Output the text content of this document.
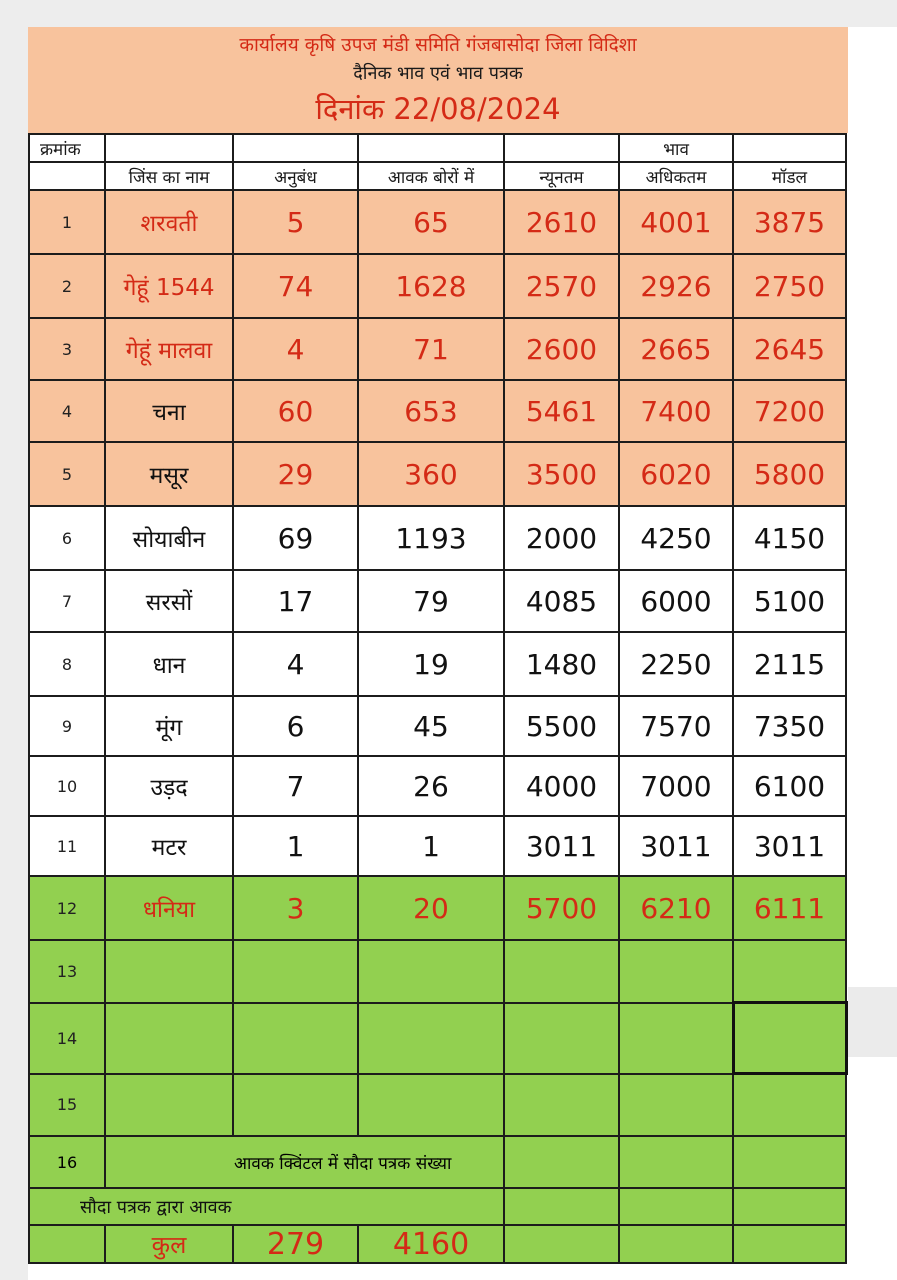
कार्यालय कृषि उपज मंडी समिति गंजबासोदा जिला विदिशा
दैनिक भाव एवं भाव पत्रक
दिनांक 22/08/2024
क्रमांक					भाव	
	जिंस का नाम	अनुबंध	आवक बोरों में	न्यूनतम	अधिकतम	मॉडल
1	शरवती	5	65	2610	4001	3875
2	गेहूं 1544	74	1628	2570	2926	2750
3	गेहूं मालवा	4	71	2600	2665	2645
4	चना	60	653	5461	7400	7200
5	मसूर	29	360	3500	6020	5800
6	सोयाबीन	69	1193	2000	4250	4150
7	सरसों	17	79	4085	6000	5100
8	धान	4	19	1480	2250	2115
9	मूंग	6	45	5500	7570	7350
10	उड़द	7	26	4000	7000	6100
11	मटर	1	1	3011	3011	3011
12	धनिया	3	20	5700	6210	6111
13						
14						
15						
16	आवक क्विंटल में सौदा पत्रक संख्या					

सौदा पत्रक द्वारा आवक						
	कुल	279	4160			
